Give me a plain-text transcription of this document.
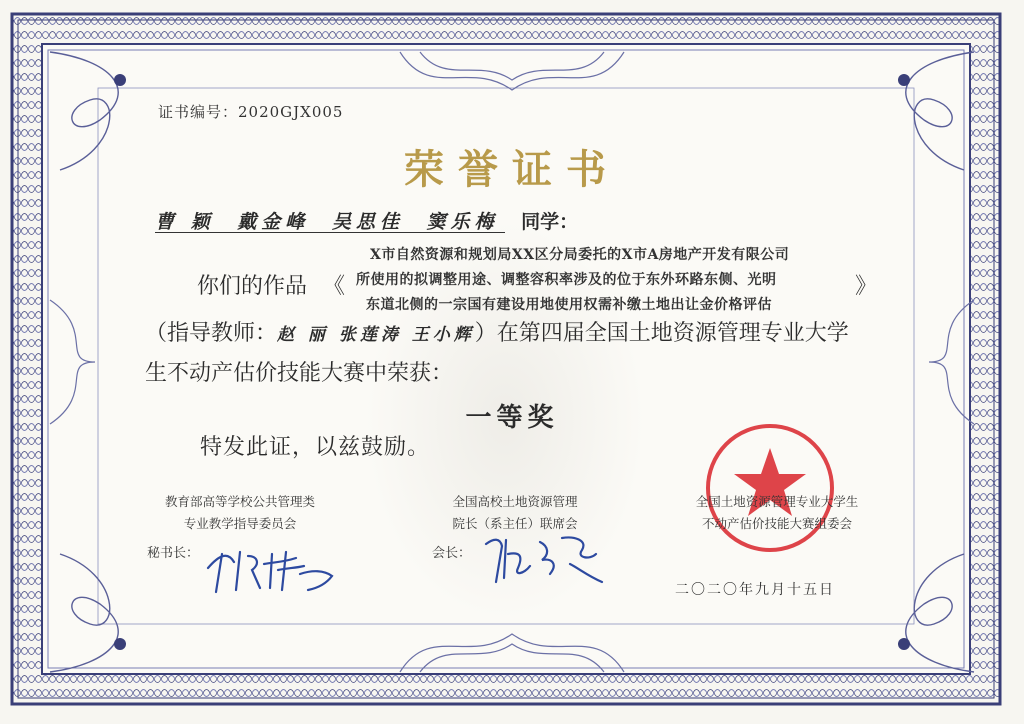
证书编号：2020GJX005
荣誉证书
曹 颖 戴金峰 吴思佳 窦乐梅 同学：
你们的作品 《	》
X市自然资源和规划局XX区分局委托的X市A房地产开发有限公司
所使用的拟调整用途、调整容积率涉及的位于东外环路东侧、光明
东道北侧的一宗国有建设用地使用权需补缴土地出让金价格评估
（指导教师：赵 丽 张莲涛 王小辉）在第四届全国土地资源管理专业大学
生不动产估价技能大赛中荣获：
一等奖
特发此证，以兹鼓励。
教育部高等学校公共管理类
专业教学指导委员会
全国高校土地资源管理
院长（系主任）联席会
全国土地资源管理专业大学生
不动产估价技能大赛组委会
秘书长：	会长：
二〇二〇年九月十五日
